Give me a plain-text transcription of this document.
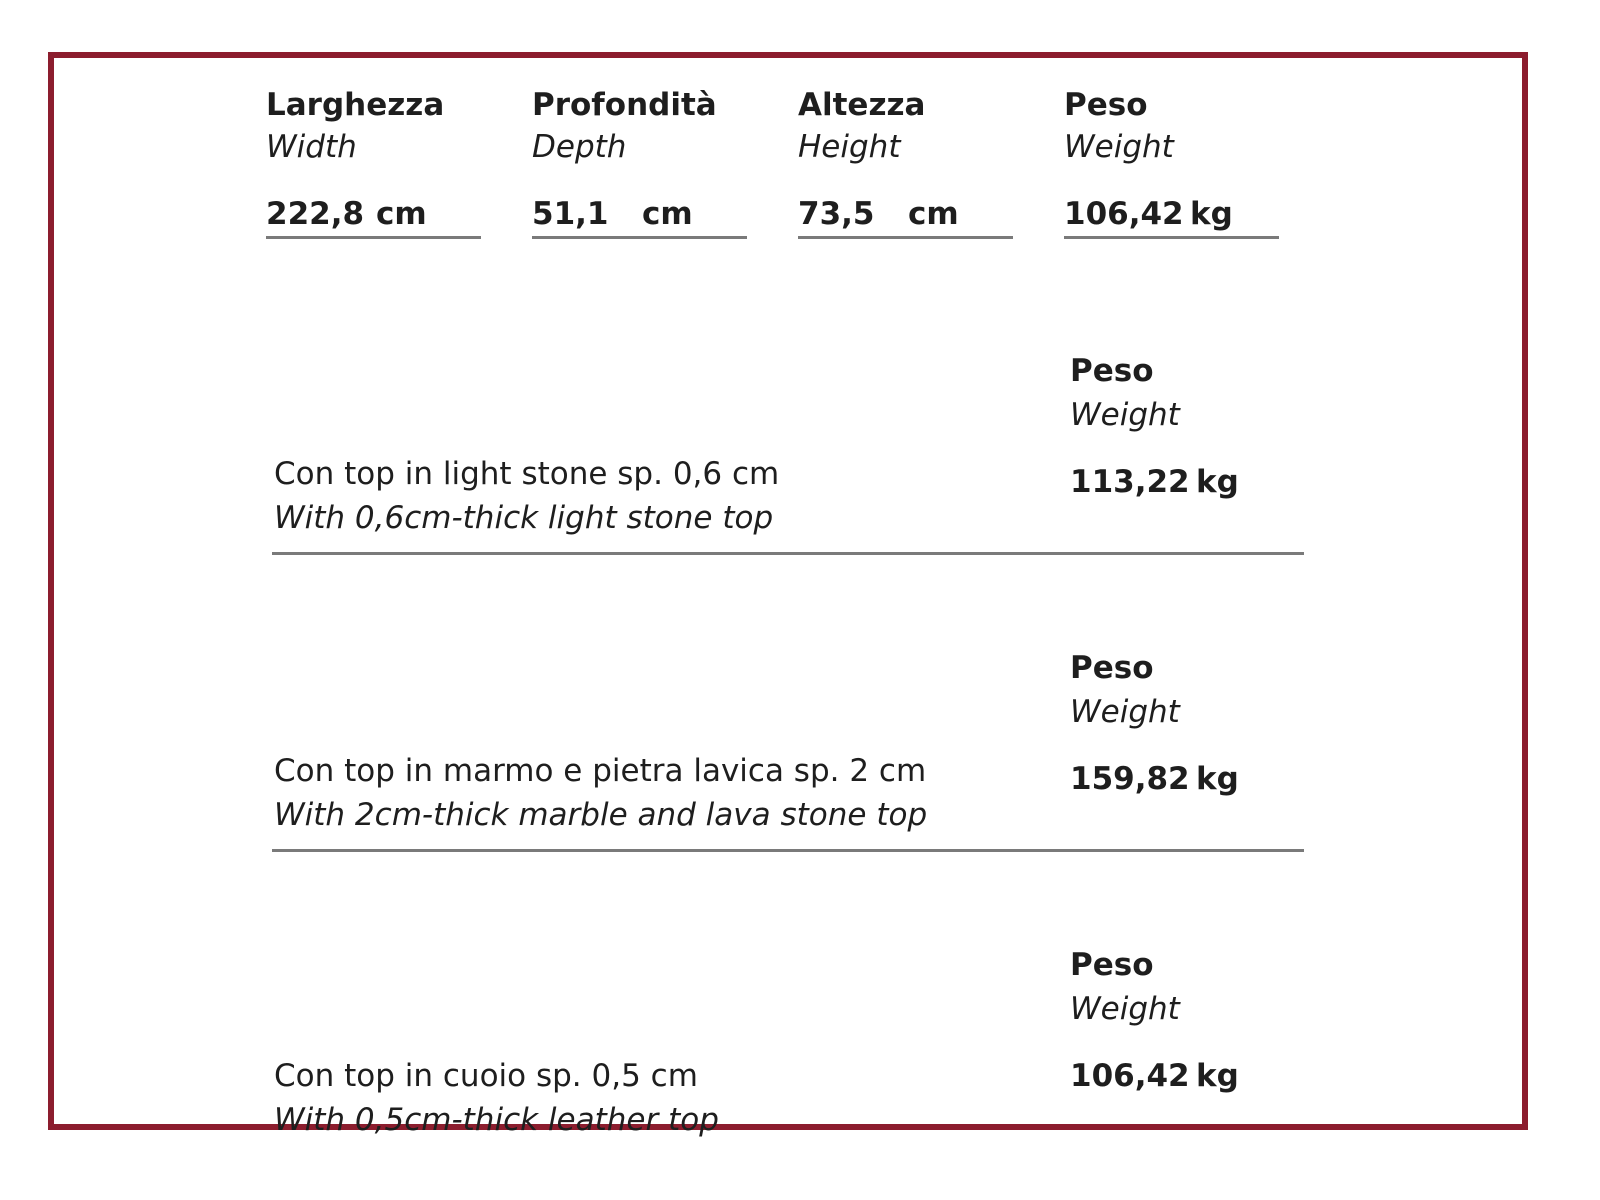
Larghezza
Width
222,8 cm
Profondità
Depth
51,1	cm
Altezza
Height
73,5	cm
Peso
Weight
106,42 kg
Con top in light stone sp. 0,6 cm
With 0,6cm-thick light stone top
Peso
Weight
113,22 kg
Con top in marmo e pietra lavica sp. 2 cm
With 2cm-thick marble and lava stone top
Peso
Weight
159,82 kg
Con top in cuoio sp. 0,5 cm
With 0,5cm-thick leather top
Peso
Weight
106,42 kg
